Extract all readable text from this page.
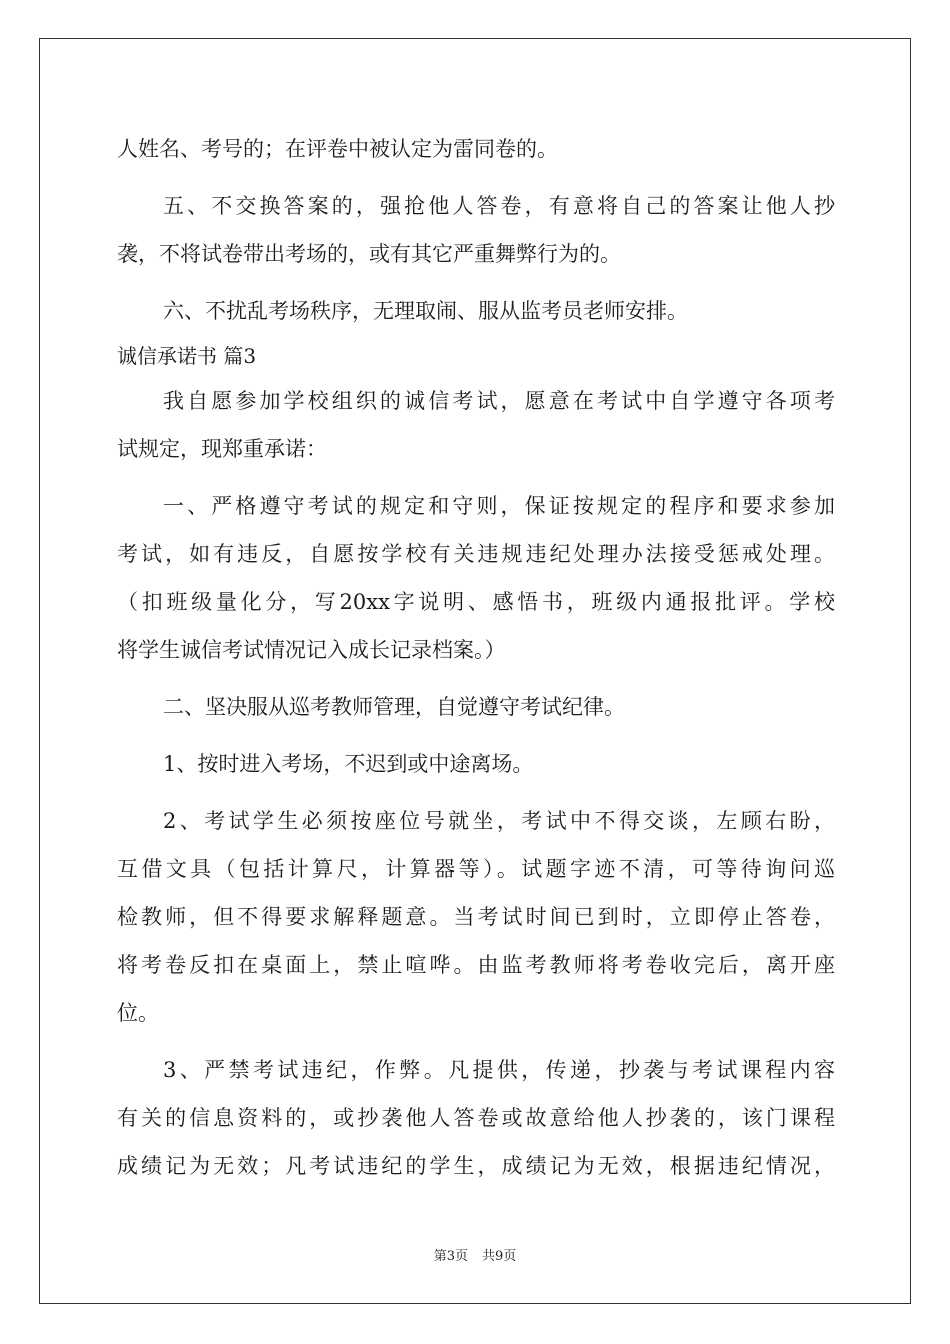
人姓名、考号的；在评卷中被认定为雷同卷的。
五、不交换答案的，强抢他人答卷，有意将自己的答案让他人抄
袭，不将试卷带出考场的，或有其它严重舞弊行为的。
六、不扰乱考场秩序，无理取闹、服从监考员老师安排。
诚信承诺书 篇3
我自愿参加学校组织的诚信考试，愿意在考试中自学遵守各项考
试规定，现郑重承诺：
一、严格遵守考试的规定和守则，保证按规定的程序和要求参加
考试，如有违反，自愿按学校有关违规违纪处理办法接受惩戒处理。
（扣班级量化分，写20xx字说明、感悟书，班级内通报批评。学校
将学生诚信考试情况记入成长记录档案。）
二、坚决服从巡考教师管理，自觉遵守考试纪律。
1、按时进入考场，不迟到或中途离场。
2、考试学生必须按座位号就坐，考试中不得交谈，左顾右盼，
互借文具（包括计算尺，计算器等）。试题字迹不清，可等待询问巡
检教师，但不得要求解释题意。当考试时间已到时，立即停止答卷，
将考卷反扣在桌面上，禁止喧哗。由监考教师将考卷收完后，离开座
位。
3、严禁考试违纪，作弊。凡提供，传递，抄袭与考试课程内容
有关的信息资料的，或抄袭他人答卷或故意给他人抄袭的，该门课程
成绩记为无效；凡考试违纪的学生，成绩记为无效，根据违纪情况，
第3页 共9页
